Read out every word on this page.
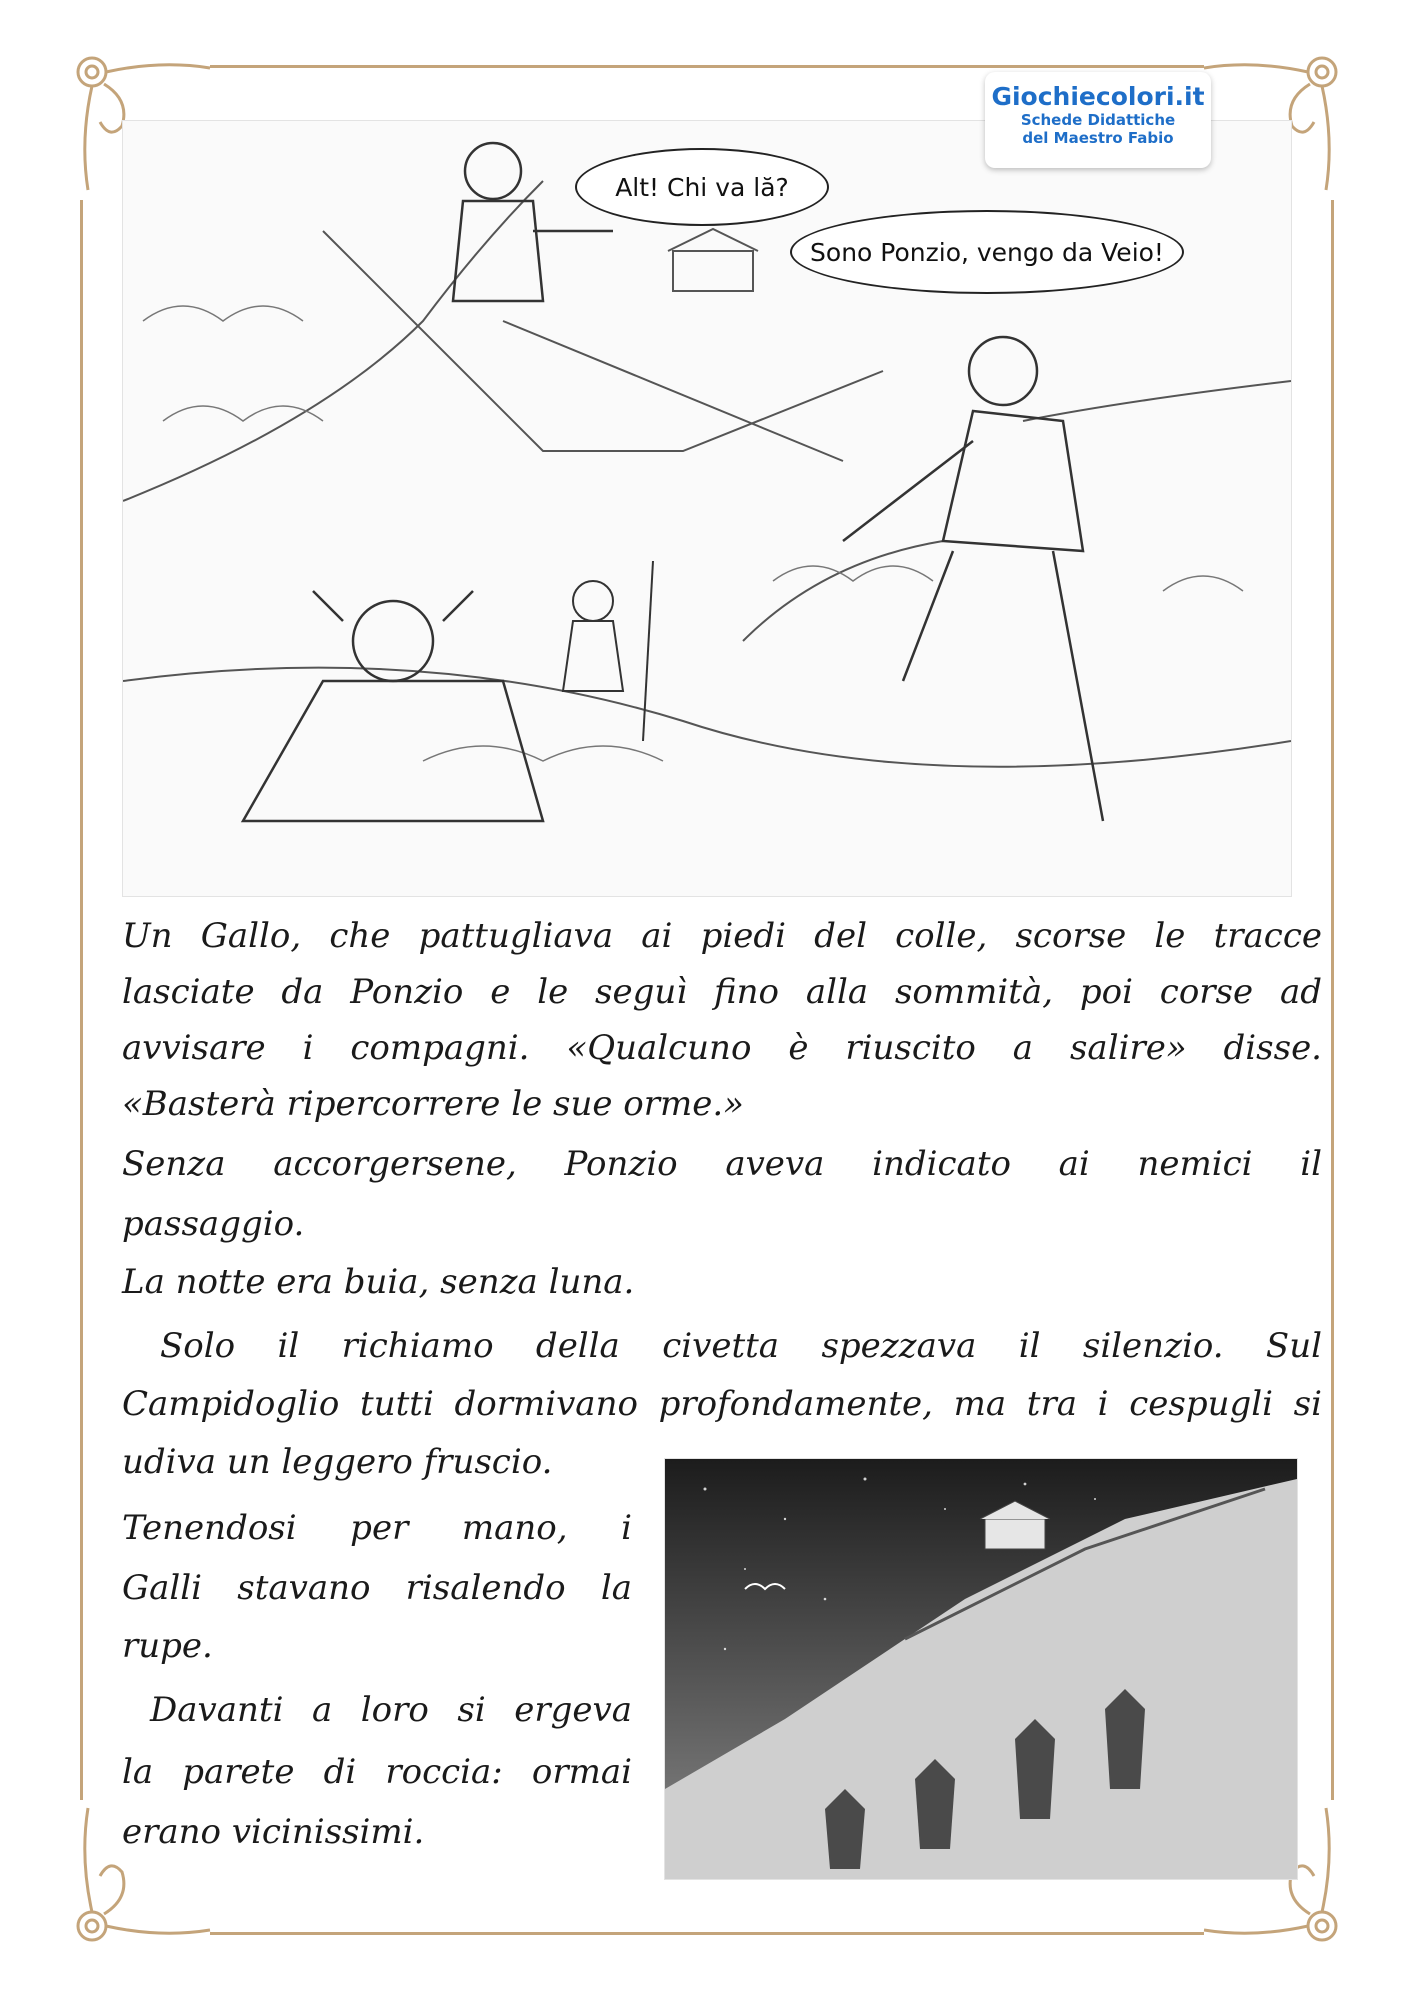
Alt! Chi va lă?
Sono Ponzio, vengo da Veio!
Giochiecolori.it
Schede Didattiche
del Maestro Fabio
Un Gallo, che pattugliava ai piedi del colle, scorse le tracce
lasciate da Ponzio e le seguì fino alla sommità, poi corse ad
avvisare i compagni. «Qualcuno è riuscito a salire» disse.
«Basterà ripercorrere le sue orme.»
Senza accorgersene, Ponzio aveva indicato ai nemici il
passaggio.
La notte era buia, senza luna.
Solo il richiamo della civetta spezzava il silenzio. Sul
Campidoglio tutti dormivano profondamente, ma tra i cespugli si
udiva un leggero fruscio.
Tenendosi per mano, i
Galli stavano risalendo la
rupe.
Davanti a loro si ergeva
la parete di roccia: ormai
erano vicinissimi.
